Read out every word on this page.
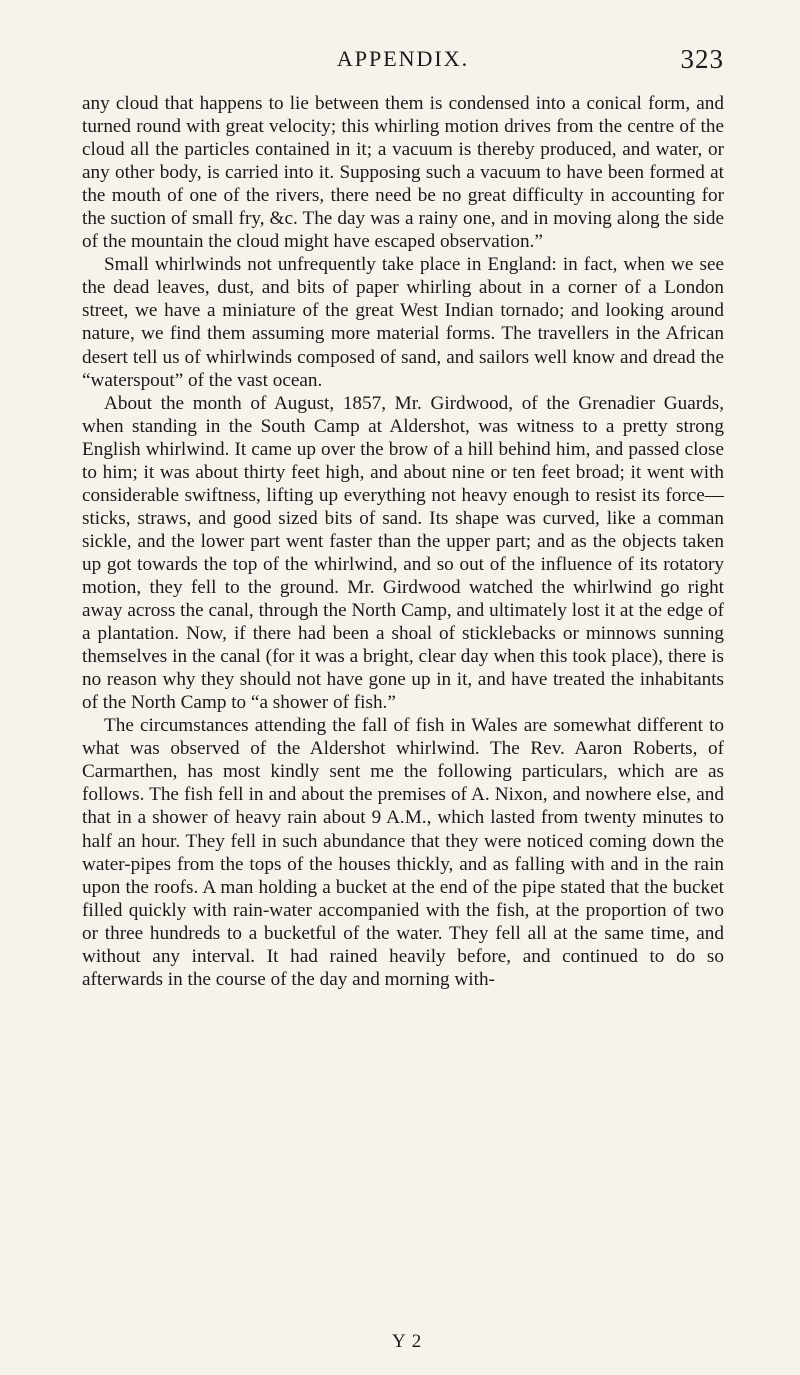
APPENDIX.	323

any cloud that happens to lie between them is condensed into a conical form, and turned round with great velocity; this whirling motion drives from the centre of the cloud all the particles contained in it; a vacuum is thereby produced, and water, or any other body, is carried into it. Supposing such a vacuum to have been formed at the mouth of one of the rivers, there need be no great difficulty in accounting for the suction of small fry, &c. The day was a rainy one, and in moving along the side of the mountain the cloud might have escaped observation.”

Small whirlwinds not unfrequently take place in England: in fact, when we see the dead leaves, dust, and bits of paper whirling about in a corner of a London street, we have a miniature of the great West Indian tornado; and looking around nature, we find them assuming more material forms. The travellers in the African desert tell us of whirlwinds composed of sand, and sailors well know and dread the “waterspout” of the vast ocean.

About the month of August, 1857, Mr. Girdwood, of the Grenadier Guards, when standing in the South Camp at Aldershot, was witness to a pretty strong English whirlwind. It came up over the brow of a hill behind him, and passed close to him; it was about thirty feet high, and about nine or ten feet broad; it went with considerable swiftness, lifting up everything not heavy enough to resist its force— sticks, straws, and good sized bits of sand. Its shape was curved, like a comman sickle, and the lower part went faster than the upper part; and as the objects taken up got towards the top of the whirlwind, and so out of the influence of its rotatory motion, they fell to the ground. Mr. Girdwood watched the whirlwind go right away across the canal, through the North Camp, and ultimately lost it at the edge of a plantation. Now, if there had been a shoal of sticklebacks or minnows sunning themselves in the canal (for it was a bright, clear day when this took place), there is no reason why they should not have gone up in it, and have treated the inhabitants of the North Camp to “a shower of fish.”

The circumstances attending the fall of fish in Wales are somewhat different to what was observed of the Aldershot whirlwind. The Rev. Aaron Roberts, of Carmarthen, has most kindly sent me the following particulars, which are as follows. The fish fell in and about the premises of A. Nixon, and nowhere else, and that in a shower of heavy rain about 9 A.M., which lasted from twenty minutes to half an hour. They fell in such abundance that they were noticed coming down the water-pipes from the tops of the houses thickly, and as falling with and in the rain upon the roofs. A man holding a bucket at the end of the pipe stated that the bucket filled quickly with rain-water accompanied with the fish, at the proportion of two or three hundreds to a bucketful of the water. They fell all at the same time, and without any interval. It had rained heavily before, and continued to do so afterwards in the course of the day and morning with-

Y 2
